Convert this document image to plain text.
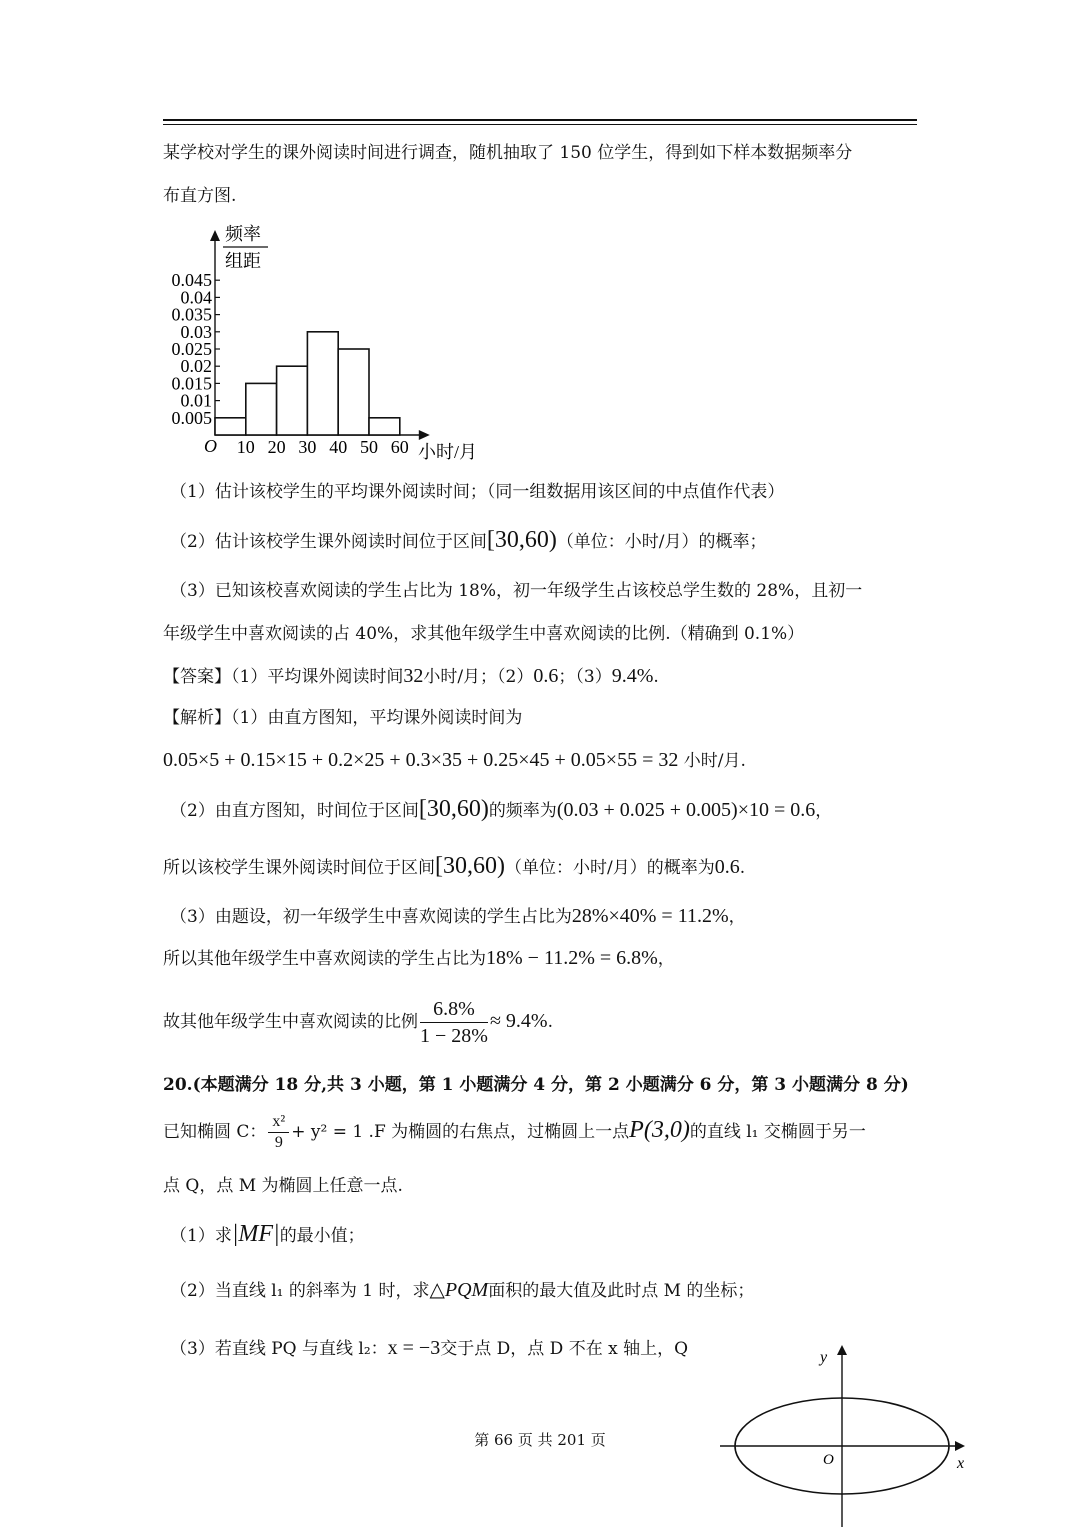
某学校对学生的课外阅读时间进行调查，随机抽取了 150 位学生，得到如下样本数据频率分
布直方图.
0.005
0.01
0.015
0.02
0.025
0.03
0.035
0.04
0.045
10 20 30 40 50 60
频率
组距
O	小时/月
（1）估计该校学生的平均课外阅读时间；（同一组数据用该区间的中点值作代表）
（2）估计该校学生课外阅读时间位于区间[30,60)（单位：小时/月）的概率；
（3）已知该校喜欢阅读的学生占比为 18%，初一年级学生占该校总学生数的 28%，且初一
年级学生中喜欢阅读的占 40%，求其他年级学生中喜欢阅读的比例.（精确到 0.1%）
【答案】（1）平均课外阅读时间32小时/月；（2）0.6；（3）9.4%.
【解析】（1）由直方图知，平均课外阅读时间为
0.05×5 + 0.15×15 + 0.2×25 + 0.3×35 + 0.25×45 + 0.05×55 = 32 小时/月.
（2）由直方图知，时间位于区间[30,60)的频率为(0.03 + 0.025 + 0.005)×10 = 0.6，
所以该校学生课外阅读时间位于区间[30,60)（单位：小时/月）的概率为0.6.
（3）由题设，初一年级学生中喜欢阅读的学生占比为28%×40% = 11.2%，
所以其他年级学生中喜欢阅读的学生占比为18% − 11.2% = 6.8%，
故其他年级学生中喜欢阅读的比例 $\frac{6.8\%}{1 - 28\%} \approx 9.4\%$.
20.(本题满分 18 分,共 3 小题，第 1 小题满分 4 分，第 2 小题满分 6 分，第 3 小题满分 8 分)
已知椭圆 C： $\frac{\text{x²}}{9} + y^2 = 1$ .F 为椭圆的右焦点，过椭圆上一点P(3,0)的直线 l₁ 交椭圆于另一
点 Q，点 M 为椭圆上任意一点.
（1）求|MF|的最小值；
（2）当直线 l₁ 的斜率为 1 时，求△PQM面积的最大值及此时点 M 的坐标；
（3）若直线 PQ 与直线 l₂：x = −3交于点 D，点 D 不在 x 轴上，Q
第 66 页 共 201 页
x
y
O
